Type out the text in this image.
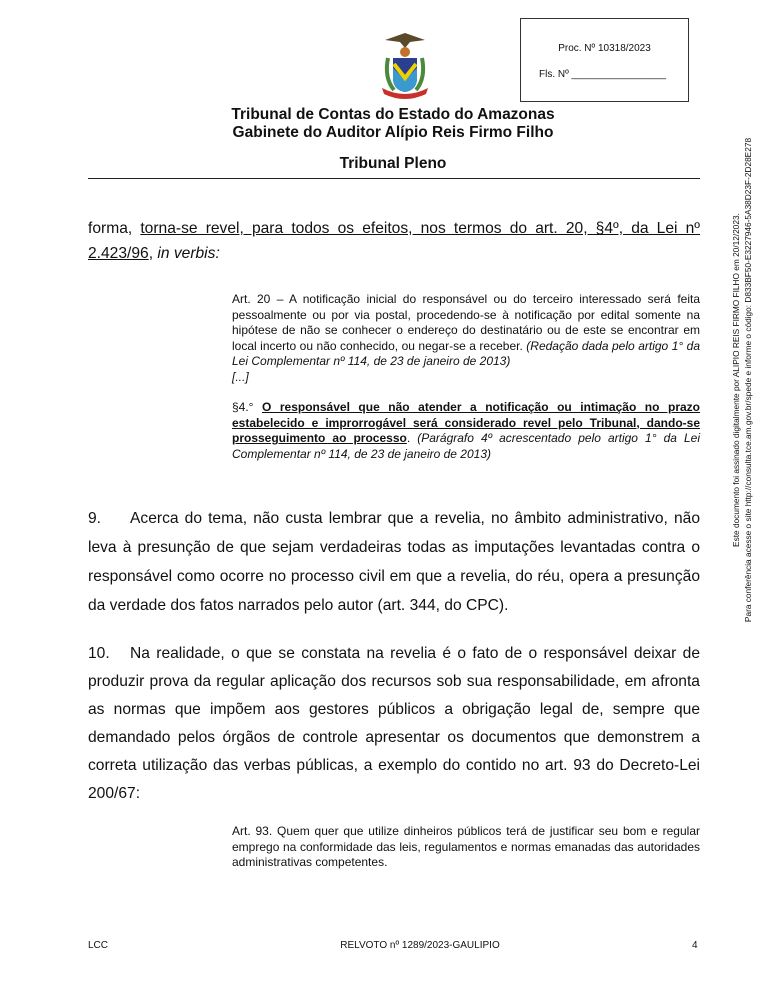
Proc. Nº 10318/2023
Fls. Nº _________________
Tribunal de Contas do Estado do Amazonas
Gabinete do Auditor Alípio Reis Firmo Filho
Tribunal Pleno
forma, torna-se revel, para todos os efeitos, nos termos do art. 20, §4º, da Lei nº 2.423/96, in verbis:

Art. 20 – A notificação inicial do responsável ou do terceiro interessado será feita pessoalmente ou por via postal, procedendo-se à notificação por edital somente na hipótese de não se conhecer o endereço do destinatário ou de este se encontrar em local incerto ou não conhecido, ou negar-se a receber. (Redação dada pelo artigo 1° da Lei Complementar nº 114, de 23 de janeiro de 2013)

[...]

§4.° O responsável que não atender a notificação ou intimação no prazo estabelecido e improrrogável será considerado revel pelo Tribunal, dando-se prosseguimento ao processo. (Parágrafo 4º acrescentado pelo artigo 1° da Lei Complementar nº 114, de 23 de janeiro de 2013)

9. Acerca do tema, não custa lembrar que a revelia, no âmbito administrativo, não leva à presunção de que sejam verdadeiras todas as imputações levantadas contra o responsável como ocorre no processo civil em que a revelia, do réu, opera a presunção da verdade dos fatos narrados pelo autor (art. 344, do CPC).
10. Na realidade, o que se constata na revelia é o fato de o responsável deixar de produzir prova da regular aplicação dos recursos sob sua responsabilidade, em afronta as normas que impõem aos gestores públicos a obrigação legal de, sempre que demandado pelos órgãos de controle apresentar os documentos que demonstrem a correta utilização das verbas públicas, a exemplo do contido no art. 93 do Decreto-Lei 200/67:
Art. 93. Quem quer que utilize dinheiros públicos terá de justificar seu bom e regular emprego na conformidade das leis, regulamentos e normas emanadas das autoridades administrativas competentes.
LCC	RELVOTO nº 1289/2023-GAULIPIO	4
Este documento foi assinado digitalmente por ALIPIO REIS FIRMO FILHO em 20/12/2023. Para conferência acesse o site http://consulta.tce.am.gov.br/spede e informe o código: D833BF50-E3227946-5A38D23F-2D28E278
